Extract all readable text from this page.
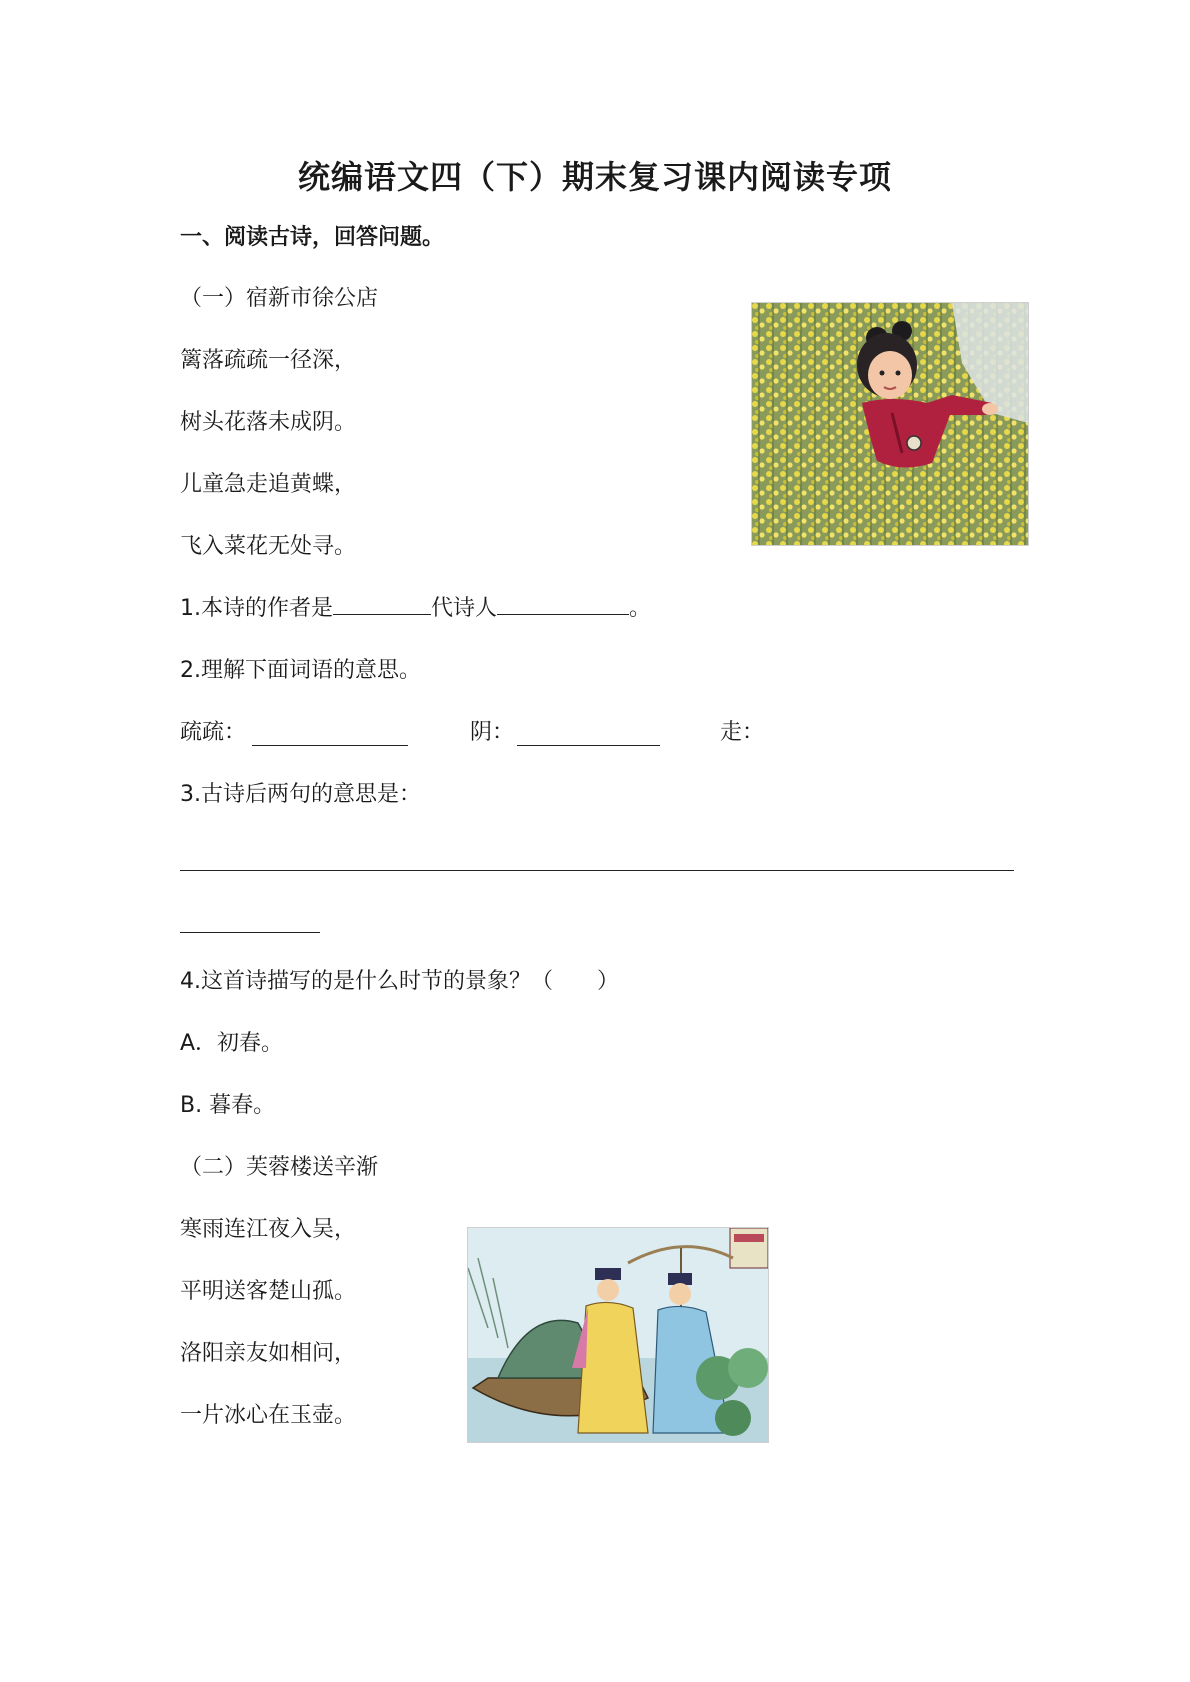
统编语文四（下）期末复习课内阅读专项
一、阅读古诗，回答问题。
（一）宿新市徐公店
篱落疏疏一径深，
树头花落未成阴。
儿童急走追黄蝶，
飞入菜花无处寻。
1.本诗的作者是	代诗人	。
2.理解下面词语的意思。
疏疏：	阴：	走：
3.古诗后两句的意思是：
4.这首诗描写的是什么时节的景象？（　　）
A．初春。
B. 暮春。
（二）芙蓉楼送辛渐
寒雨连江夜入吴，
平明送客楚山孤。
洛阳亲友如相问，
一片冰心在玉壶。
